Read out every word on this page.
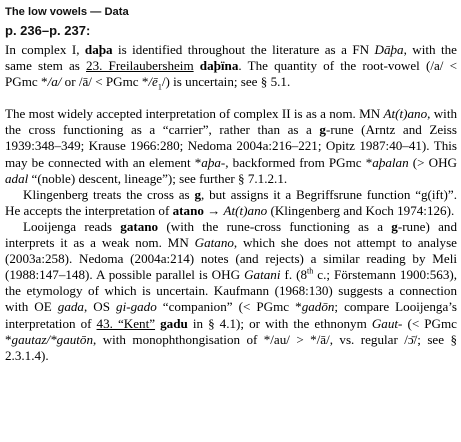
The low vowels — Data
p. 236–p. 237:

In complex I, daþa is identified throughout the literature as a FN Dāþa, with the same stem as 23. Freilaubersheim daþïna. The quantity of the root-vowel (/a/ < PGmc */a/ or /ā/ < PGmc $*/ē_1/$) is uncertain; see § 5.1.

The most widely accepted interpretation of complex II is as a nom. MN At(t)ano, with the cross functioning as a “carrier”, rather than as a g-rune (Arntz and Zeiss 1939:348–349; Krause 1966:280; Nedoma 2004a:216–221; Opitz 1987:40–41). This may be connected with an element *aþa-, backformed from PGmc *aþalan (> OHG adal “(noble) descent, lineage”); see further § 7.1.2.1.

Klingenberg treats the cross as g, but assigns it a Begriffsrune function “g(ift)”. He accepts the interpretation of atano → At(t)ano (Klingenberg and Koch 1974:126).

Looijenga reads gatano (with the rune-cross functioning as a g-rune) and interprets it as a weak nom. MN Gatano, which she does not attempt to analyse (2003a:258). Nedoma (2004a:214) notes (and rejects) a similar reading by Meli (1988:147–148). A possible parallel is OHG Gatani f. (8th c.; Förstemann 1900:563), the etymology of which is uncertain. Kaufmann (1968:130) suggests a connection with OE gada, OS gi-gado “companion” (< PGmc *gadōn; compare Looijenga’s interpretation of 43. “Kent” gadu in § 4.1); or with the ethnonym Gaut- (< PGmc *gautaz/*gautōn, with monophthongisation of */au/ > */ā/, vs. regular /ɔ̄/; see § 2.3.1.4).
